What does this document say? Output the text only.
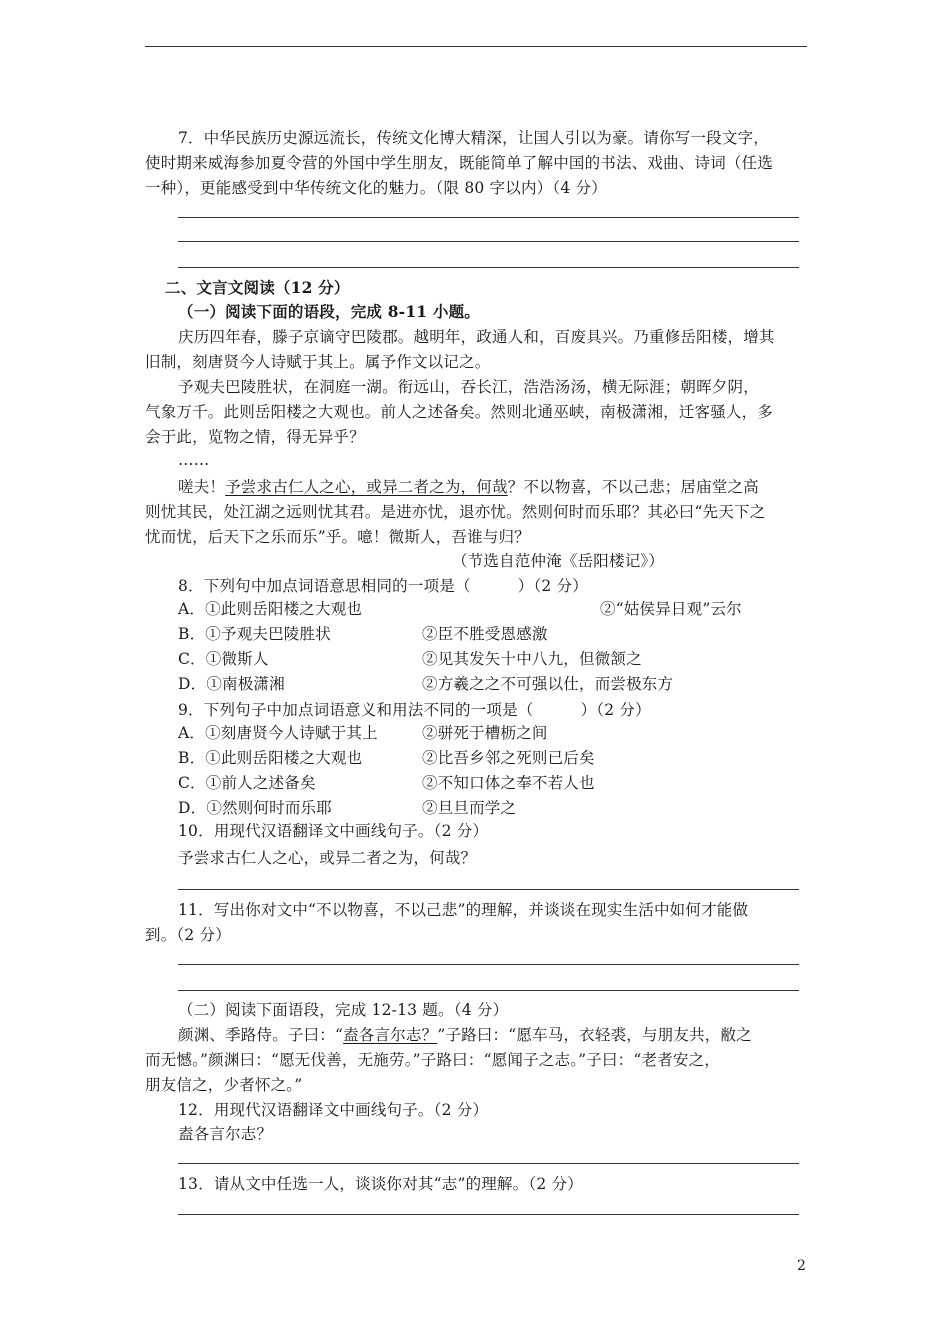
7．中华民族历史源远流长，传统文化博大精深，让国人引以为豪。请你写一段文字，
使时期来威海参加夏令营的外国中学生朋友，既能简单了解中国的书法、戏曲、诗词（任选
一种），更能感受到中华传统文化的魅力。（限 80 字以内）（4 分）
二、文言文阅读（12 分）
（一）阅读下面的语段，完成 8-11 小题。
庆历四年春，滕子京谪守巴陵郡。越明年，政通人和，百废具兴。乃重修岳阳楼，增其
旧制，刻唐贤今人诗赋于其上。属予作文以记之。
予观夫巴陵胜状，在洞庭一湖。衔远山，吞长江，浩浩汤汤，横无际涯；朝晖夕阴，
气象万千。此则岳阳楼之大观也。前人之述备矣。然则北通巫峡，南极潇湘，迁客骚人，多
会于此，览物之情，得无异乎？
……
嗟夫！予尝求古仁人之心，或异二者之为，何哉？不以物喜，不以己悲；居庙堂之高
则忧其民，处江湖之远则忧其君。是进亦忧，退亦忧。然则何时而乐耶？其必曰“先天下之
忧而忧，后天下之乐而乐”乎。噫！微斯人，吾谁与归？
（节选自范仲淹《岳阳楼记》）
8．下列句中加点词语意思相同的一项是（　　　）（2 分）
A．①此则岳阳楼之大观也	②“姑侯异日观”云尔
B．①予观夫巴陵胜状	②臣不胜受恩感激
C．①微斯人	②见其发矢十中八九，但微颔之
D．①南极潇湘	②方羲之之不可强以仕，而尝极东方
9．下列句子中加点词语意义和用法不同的一项是（　　　）（2 分）
A．①刻唐贤今人诗赋于其上	②骈死于槽枥之间
B．①此则岳阳楼之大观也	②比吾乡邻之死则已后矣
C．①前人之述备矣	②不知口体之奉不若人也
D．①然则何时而乐耶	②旦旦而学之
10．用现代汉语翻译文中画线句子。（2 分）
予尝求古仁人之心，或异二者之为，何哉？
11．写出你对文中“不以物喜，不以己悲”的理解，并谈谈在现实生活中如何才能做
到。（2 分）
（二）阅读下面语段，完成 12-13 题。（4 分）
颜渊、季路侍。子曰：“盍各言尔志？”子路曰：“愿车马，衣轻裘，与朋友共，敝之
而无憾。”颜渊曰：“愿无伐善，无施劳。”子路曰：“愿闻子之志。”子曰：“老者安之，
朋友信之，少者怀之。”
12．用现代汉语翻译文中画线句子。（2 分）
盍各言尔志？
13．请从文中任选一人，谈谈你对其“志”的理解。（2 分）
2
